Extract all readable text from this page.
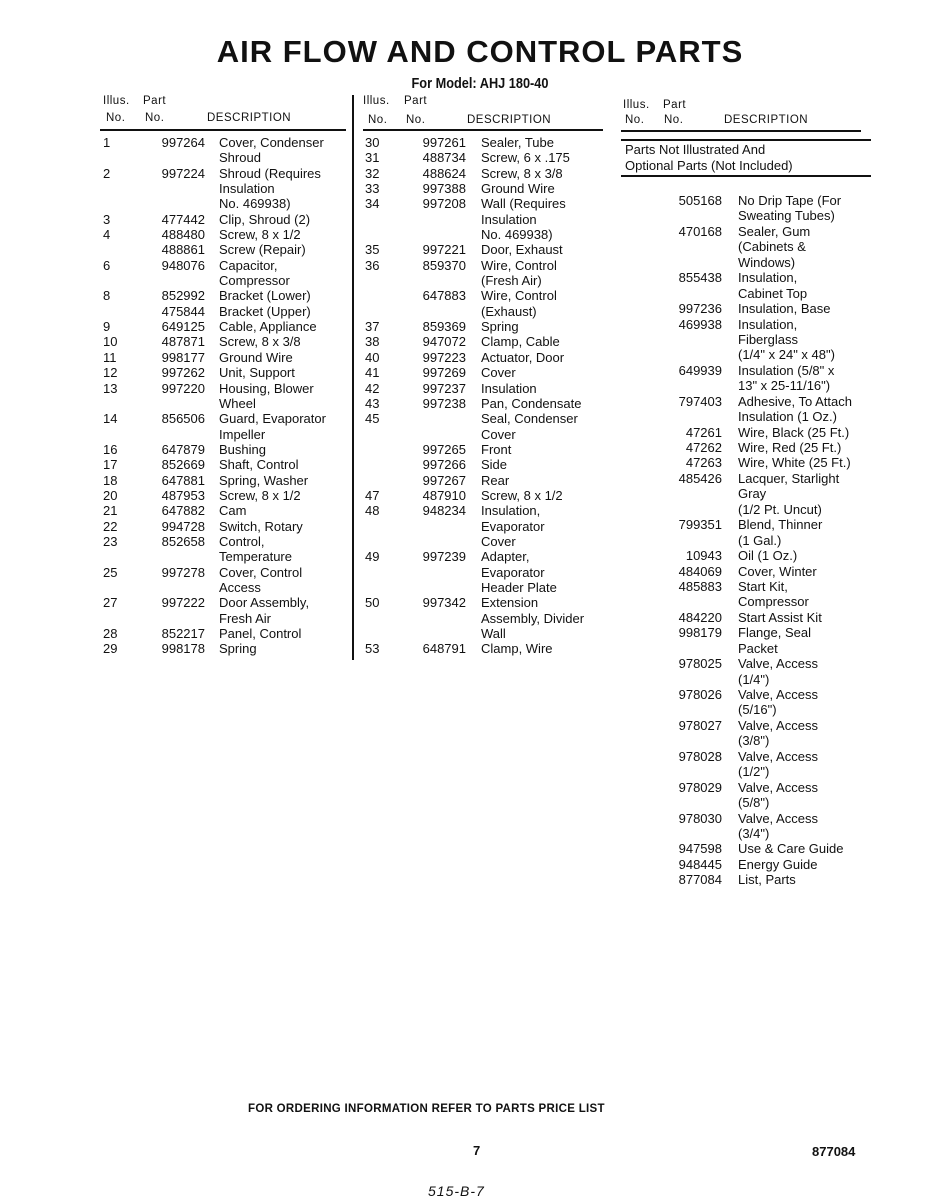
AIR FLOW AND CONTROL PARTS
For Model: AHJ 180-40
Illus. Part
No. No.	DESCRIPTION
Illus. Part
No. No.	DESCRIPTION
Illus. Part
No. No.	DESCRIPTION
Parts Not Illustrated And
Optional Parts (Not Included)
1	997264 Cover, Condenser
Shroud
2	997224 Shroud (Requires
Insulation
No. 469938)
3	477442 Clip, Shroud (2)
4	488480 Screw, 8 x 1/2
488861 Screw (Repair)
6	948076 Capacitor,
Compressor
8	852992 Bracket (Lower)
475844 Bracket (Upper)
9	649125 Cable, Appliance
10	487871 Screw, 8 x 3/8
11	998177 Ground Wire
12	997262 Unit, Support
13	997220 Housing, Blower
Wheel
14	856506 Guard, Evaporator
Impeller
16	647879 Bushing
17	852669 Shaft, Control
18	647881 Spring, Washer
20	487953 Screw, 8 x 1/2
21	647882 Cam
22	994728 Switch, Rotary
23	852658 Control,
Temperature
25	997278 Cover, Control
Access
27	997222 Door Assembly,
Fresh Air
28	852217 Panel, Control
29	998178 Spring
30	997261 Sealer, Tube
31	488734 Screw, 6 x .175
32	488624 Screw, 8 x 3/8
33	997388 Ground Wire
34	997208 Wall (Requires
Insulation
No. 469938)
35	997221 Door, Exhaust
36	859370 Wire, Control
(Fresh Air)
647883 Wire, Control
(Exhaust)
37	859369 Spring
38	947072 Clamp, Cable
40	997223 Actuator, Door
41	997269 Cover
42	997237 Insulation
43	997238 Pan, Condensate
45	Seal, Condenser
Cover
997265 Front
997266 Side
997267 Rear
47	487910 Screw, 8 x 1/2
48	948234 Insulation,
Evaporator
Cover
49	997239 Adapter,
Evaporator
Header Plate
50	997342 Extension
Assembly, Divider
Wall
53	648791 Clamp, Wire
505168 No Drip Tape (For
Sweating Tubes)
470168 Sealer, Gum
(Cabinets &
Windows)
855438 Insulation,
Cabinet Top
997236 Insulation, Base
469938 Insulation,
Fiberglass
(1/4" x 24" x 48")
649939 Insulation (5/8" x
13" x 25-11/16")
797403 Adhesive, To Attach
Insulation (1 Oz.)
47261 Wire, Black (25 Ft.)
47262 Wire, Red (25 Ft.)
47263 Wire, White (25 Ft.)
485426 Lacquer, Starlight
Gray
(1/2 Pt. Uncut)
799351 Blend, Thinner
(1 Gal.)
10943 Oil (1 Oz.)
484069 Cover, Winter
485883 Start Kit,
Compressor
484220 Start Assist Kit
998179 Flange, Seal
Packet
978025 Valve, Access
(1/4")
978026 Valve, Access
(5/16")
978027 Valve, Access
(3/8")
978028 Valve, Access
(1/2")
978029 Valve, Access
(5/8")
978030 Valve, Access
(3/4")
947598 Use & Care Guide
948445 Energy Guide
877084 List, Parts
FOR ORDERING INFORMATION REFER TO PARTS PRICE LIST
7	877084
515-B-7
